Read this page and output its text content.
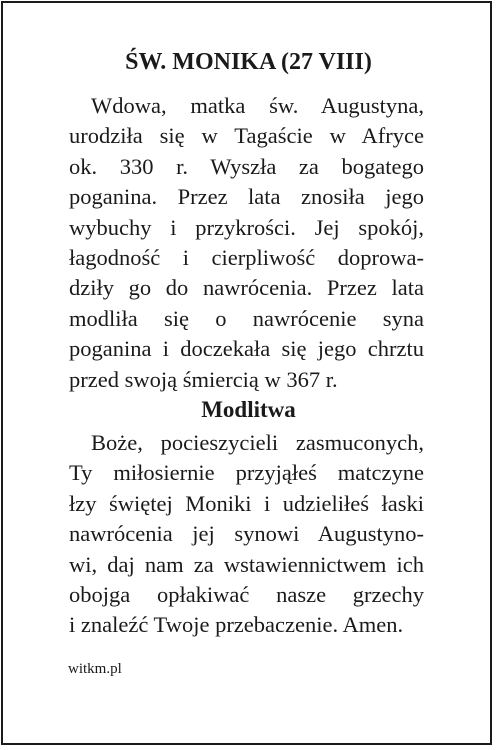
ŚW. MONIKA (27 VIII)
Wdowa, matka św. Augustyna,
urodziła się w Tagaście w Afryce
ok. 330 r. Wyszła za bogatego
poganina. Przez lata znosiła jego
wybuchy i przykrości. Jej spokój,
łagodność i cierpliwość doprowa-
dziły go do nawrócenia. Przez lata
modliła się o nawrócenie syna
poganina i doczekała się jego chrztu
przed swoją śmiercią w 367 r.
Modlitwa
Boże, pocieszycieli zasmuconych,
Ty miłosiernie przyjąłeś matczyne
łzy świętej Moniki i udzieliłeś łaski
nawrócenia jej synowi Augustyno-
wi, daj nam za wstawiennictwem ich
obojga opłakiwać nasze grzechy
i znaleźć Twoje przebaczenie. Amen.

witkm.pl
